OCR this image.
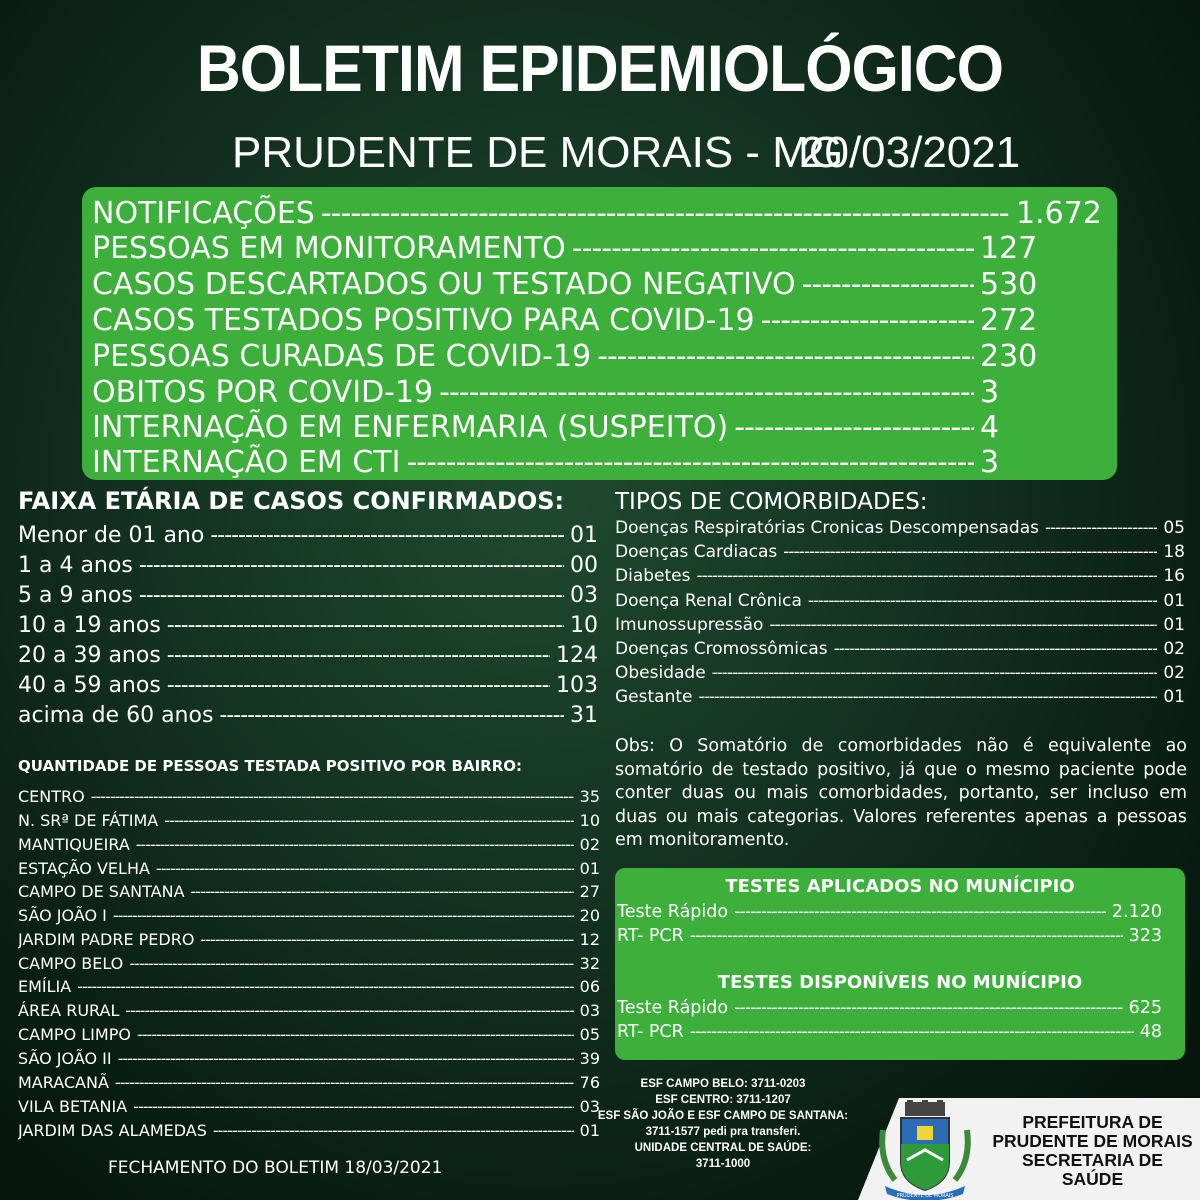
BOLETIM EPIDEMIOLÓGICO
PRUDENTE DE MORAIS - MG
20/03/2021
NOTIFICAÇÕES -----	1.672
PESSOAS EM MONITORAMENTO -----	127
CASOS DESCARTADOS OU TESTADO NEGATIVO -----	530
CASOS TESTADOS POSITIVO PARA COVID-19 -----	272
PESSOAS CURADAS DE COVID-19 -----	230
OBITOS POR COVID-19 -----	3
INTERNAÇÃO EM ENFERMARIA (SUSPEITO) -----	4
INTERNAÇÃO EM CTI -----	3
FAIXA ETÁRIA DE CASOS CONFIRMADOS:
Menor de 01 ano -----	01
1 a 4 anos -----	00
5 a 9 anos -----	03
10 a 19 anos -----	10
20 a 39 anos -----	124
40 a 59 anos -----	103
acima de 60 anos -----	31
TIPOS DE COMORBIDADES:
Doenças Respiratórias Cronicas Descompensadas -----	05
Doenças Cardiacas -----	18
Diabetes -----	16
Doença Renal Crônica -----	01
Imunossupressão -----	01
Doenças Cromossômicas -----	02
Obesidade -----	02
Gestante -----	01
Obs: O Somatório de comorbidades não é equivalente ao somatório de testado positivo, já que o mesmo paciente pode conter duas ou mais comorbidades, portanto, ser incluso em duas ou mais categorias. Valores referentes apenas a pessoas em monitoramento.
QUANTIDADE DE PESSOAS TESTADA POSITIVO POR BAIRRO:
CENTRO -----	35
N. SRª DE FÁTIMA -----	10
MANTIQUEIRA -----	02
ESTAÇÃO VELHA -----	01
CAMPO DE SANTANA -----	27
SÃO JOÃO I -----	20
JARDIM PADRE PEDRO -----	12
CAMPO BELO -----	32
EMÍLIA -----	06
ÁREA RURAL -----	03
CAMPO LIMPO -----	05
SÃO JOÃO II -----	39
MARACANÃ -----	76
VILA BETANIA -----	03
JARDIM DAS ALAMEDAS -----	01
FECHAMENTO DO BOLETIM 18/03/2021
TESTES APLICADOS NO MUNÍCIPIO
Teste Rápido -----	2.120
RT- PCR -----	323
TESTES DISPONÍVEIS NO MUNÍCIPIO
Teste Rápido -----	625
RT- PCR -----	48
ESF CAMPO BELO: 3711-0203
ESF CENTRO: 3711-1207
ESF SÃO JOÃO E ESF CAMPO DE SANTANA:
3711-1577 pedi pra transferi.
UNIDADE CENTRAL DE SAÚDE:
3711-1000
PRUDENTE DE MORAIS
PREFEITURA DE
PRUDENTE DE MORAIS
SECRETARIA DE SAÚDE
